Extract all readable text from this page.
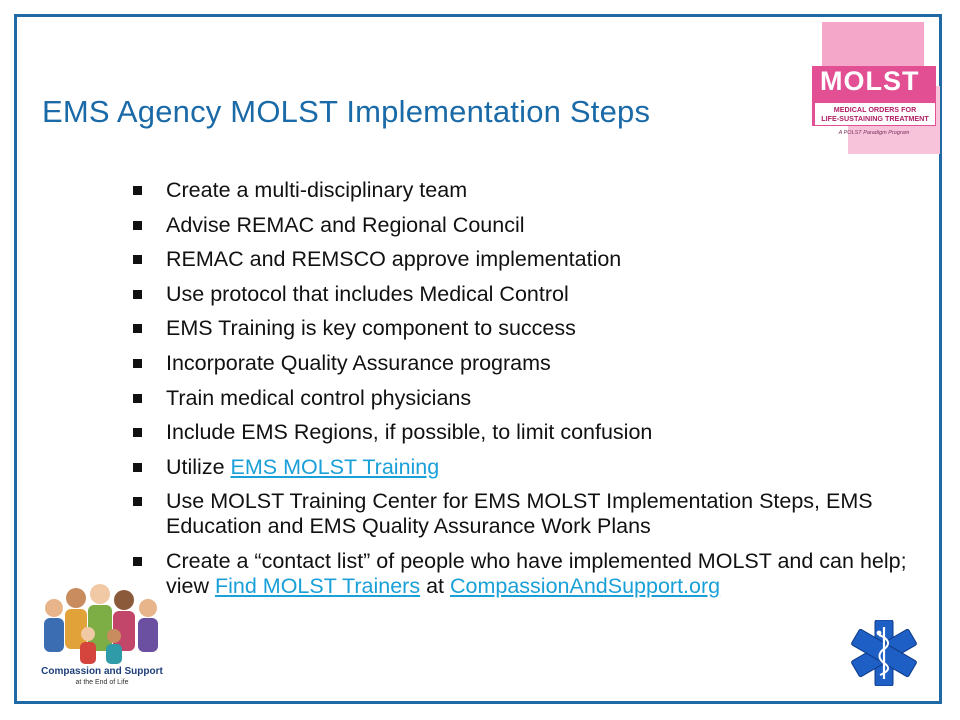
EMS Agency MOLST Implementation Steps
Create a multi-disciplinary team
Advise REMAC and Regional Council
REMAC and REMSCO approve implementation
Use protocol that includes Medical Control
EMS Training is key component to success
Incorporate Quality Assurance programs
Train medical control physicians
Include EMS Regions, if possible, to limit confusion
Utilize EMS MOLST Training
Use MOLST Training Center for EMS MOLST Implementation Steps, EMS Education and EMS Quality Assurance Work Plans
Create a “contact list” of people who have implemented MOLST and can help; view Find MOLST Trainers at CompassionAndSupport.org
MOLST
MEDICAL ORDERS FOR
LIFE-SUSTAINING TREATMENT
A POLST Paradigm Program
Compassion and Support
at the End of Life
